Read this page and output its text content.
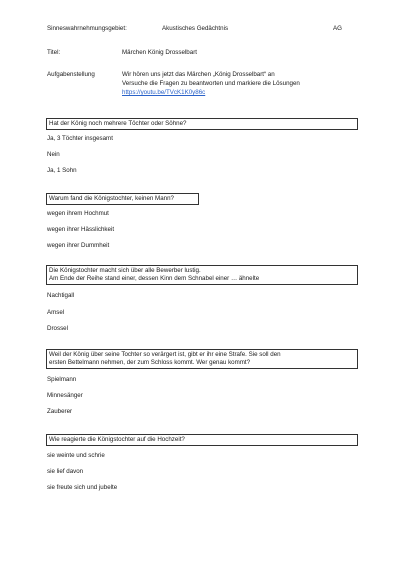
Sinneswahrnehmungsgebiet:	Akustisches Gedächtnis	AG
Titel:	Märchen König Drosselbart
Aufgabenstellung	Wir hören uns jetzt das Märchen „König Drosselbart“ an
Versuche die Fragen zu beantworten und markiere die Lösungen
https://youtu.be/TVcK1K0y86c
Hat der König noch mehrere Töchter oder Söhne?
Ja, 3 Töchter insgesamt
Nein
Ja, 1 Sohn
Warum fand die Königstochter, keinen Mann?
wegen ihrem Hochmut
wegen ihrer Hässlichkeit
wegen ihrer Dummheit
Die Königstochter macht sich über alle Bewerber lustig.
Am Ende der Reihe stand einer, dessen Kinn dem Schnabel einer … ähnelte
Nachtigall
Amsel
Drossel
Weil der König über seine Tochter so verärgert ist, gibt er ihr eine Strafe. Sie soll den
ersten Bettelmann nehmen, der zum Schloss kommt. Wer genau kommt?
Spielmann
Minnesänger
Zauberer
Wie reagierte die Königstochter auf die Hochzeit?
sie weinte und schrie
sie lief davon
sie freute sich und jubelte
